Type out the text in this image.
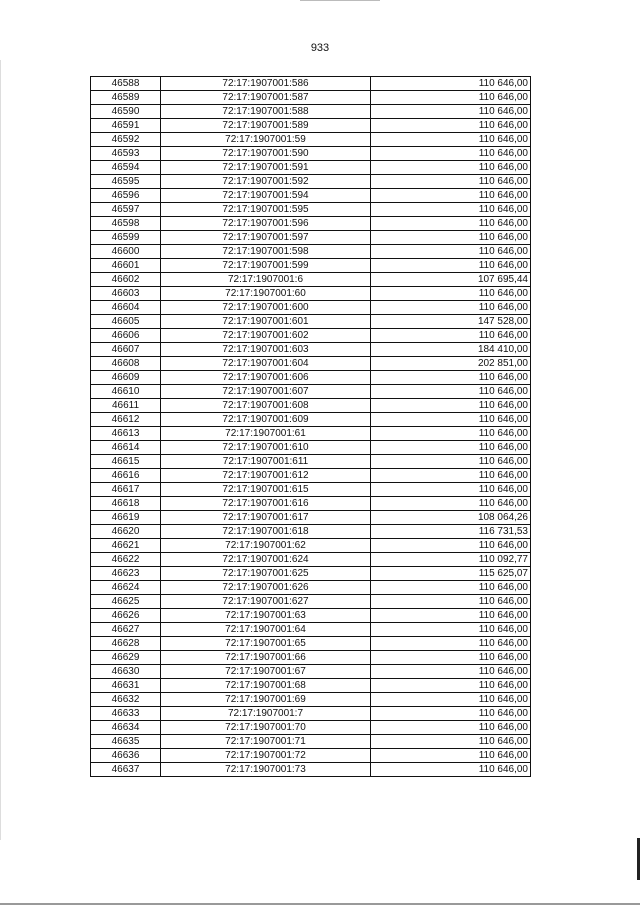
933
46588	72:17:1907001:586	110 646,00
46589	72:17:1907001:587	110 646,00
46590	72:17:1907001:588	110 646,00
46591	72:17:1907001:589	110 646,00
46592	72:17:1907001:59	110 646,00
46593	72:17:1907001:590	110 646,00
46594	72:17:1907001:591	110 646,00
46595	72:17:1907001:592	110 646,00
46596	72:17:1907001:594	110 646,00
46597	72:17:1907001:595	110 646,00
46598	72:17:1907001:596	110 646,00
46599	72:17:1907001:597	110 646,00
46600	72:17:1907001:598	110 646,00
46601	72:17:1907001:599	110 646,00
46602	72:17:1907001:6	107 695,44
46603	72:17:1907001:60	110 646,00
46604	72:17:1907001:600	110 646,00
46605	72:17:1907001:601	147 528,00
46606	72:17:1907001:602	110 646,00
46607	72:17:1907001:603	184 410,00
46608	72:17:1907001:604	202 851,00
46609	72:17:1907001:606	110 646,00
46610	72:17:1907001:607	110 646,00
46611	72:17:1907001:608	110 646,00
46612	72:17:1907001:609	110 646,00
46613	72:17:1907001:61	110 646,00
46614	72:17:1907001:610	110 646,00
46615	72:17:1907001:611	110 646,00
46616	72:17:1907001:612	110 646,00
46617	72:17:1907001:615	110 646,00
46618	72:17:1907001:616	110 646,00
46619	72:17:1907001:617	108 064,26
46620	72:17:1907001:618	116 731,53
46621	72:17:1907001:62	110 646,00
46622	72:17:1907001:624	110 092,77
46623	72:17:1907001:625	115 625,07
46624	72:17:1907001:626	110 646,00
46625	72:17:1907001:627	110 646,00
46626	72:17:1907001:63	110 646,00
46627	72:17:1907001:64	110 646,00
46628	72:17:1907001:65	110 646,00
46629	72:17:1907001:66	110 646,00
46630	72:17:1907001:67	110 646,00
46631	72:17:1907001:68	110 646,00
46632	72:17:1907001:69	110 646,00
46633	72:17:1907001:7	110 646,00
46634	72:17:1907001:70	110 646,00
46635	72:17:1907001:71	110 646,00
46636	72:17:1907001:72	110 646,00
46637	72:17:1907001:73	110 646,00
